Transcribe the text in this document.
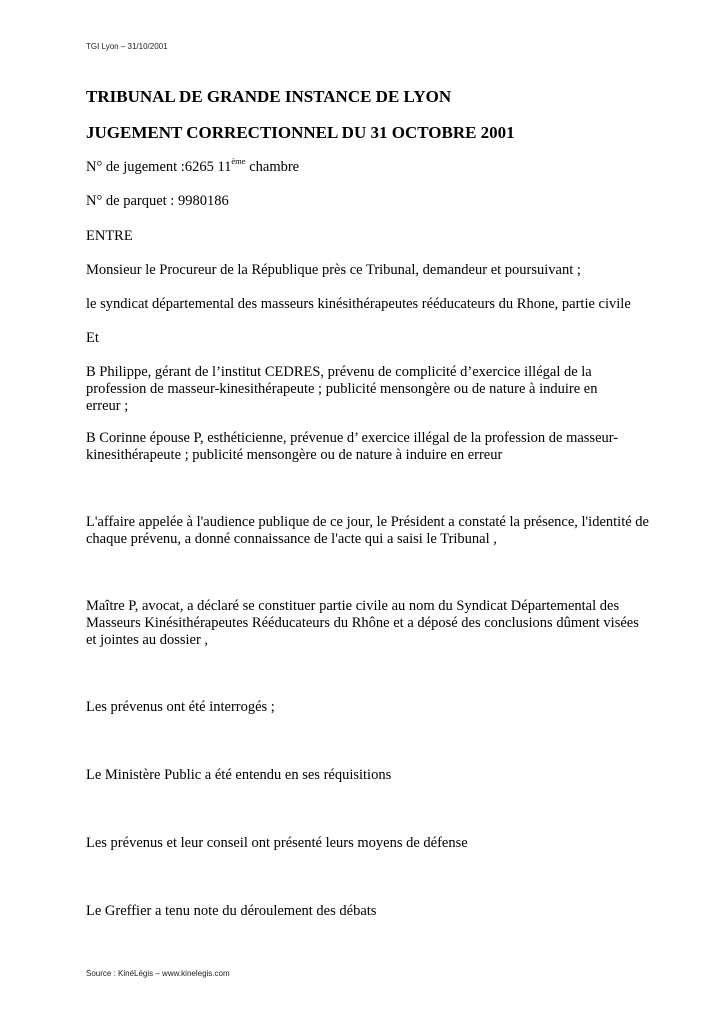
TGI Lyon – 31/10/2001
TRIBUNAL DE GRANDE INSTANCE DE LYON
JUGEMENT CORRECTIONNEL DU 31 OCTOBRE 2001

N° de jugement :6265 11ème chambre

N° de parquet : 9980186

ENTRE

Monsieur le Procureur de la République près ce Tribunal, demandeur et poursuivant ;

le syndicat départemental des masseurs kinésithérapeutes rééducateurs du Rhone, partie civile

Et

B Philippe, gérant de l’institut CEDRES, prévenu de complicité d’exercice illégal de la profession de masseur-kinesithérapeute ; publicité mensongère ou de nature à induire en erreur ;

B Corinne épouse P, esthéticienne, prévenue d’ exercice illégal de la profession de masseur-kinesithérapeute ; publicité mensongère ou de nature à induire en erreur

L'affaire appelée à l'audience publique de ce jour, le Président a constaté la présence, l'identité de chaque prévenu, a donné connaissance de l'acte qui a saisi le Tribunal ,

Maître P, avocat, a déclaré se constituer partie civile au nom du Syndicat Départemental des Masseurs Kinésithérapeutes Rééducateurs du Rhône et a déposé des conclusions dûment visées et jointes au dossier ,

Les prévenus ont été interrogés ;

Le Ministère Public a été entendu en ses réquisitions

Les prévenus et leur conseil ont présenté leurs moyens de défense

Le Greffier a tenu note du déroulement des débats

Source : KinéLégis – www.kinelegis.com
